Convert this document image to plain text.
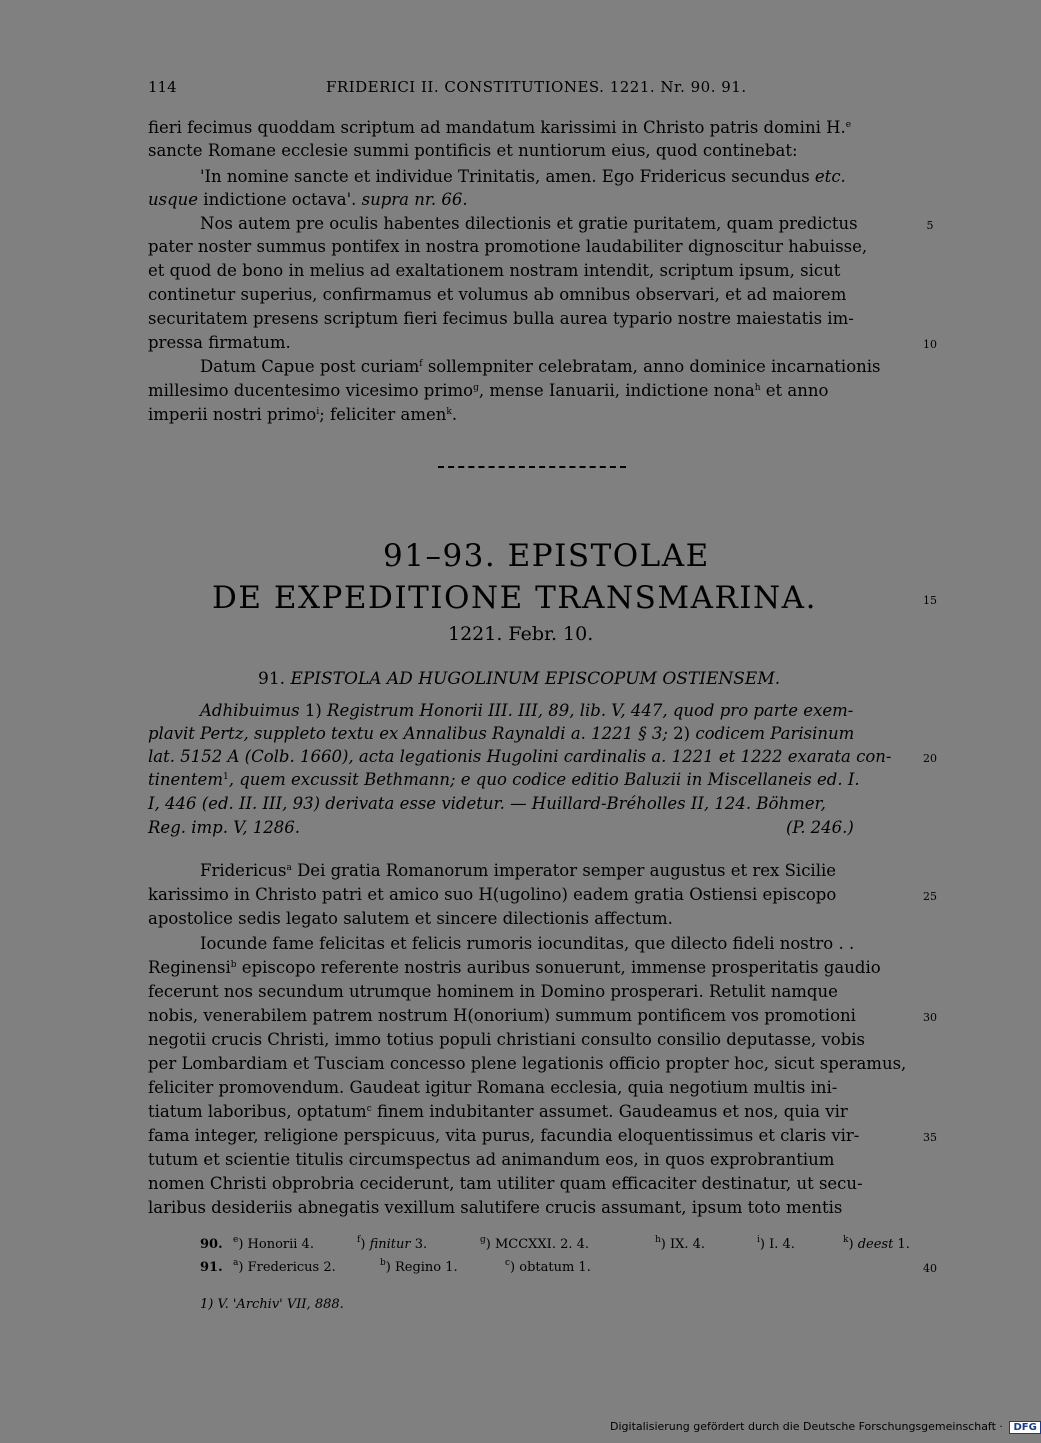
114	FRIDERICI II. CONSTITUTIONES. 1221. Nr. 90. 91.
fieri fecimus quoddam scriptum ad mandatum karissimi in Christo patris domini H.$^e$
sancte Romane ecclesie summi pontificis et nuntiorum eius, quod continebat:
'In nomine sancte et individue Trinitatis, amen. Ego Fridericus secundus etc.
usque indictione octava'. supra nr. 66.
Nos autem pre oculis habentes dilectionis et gratie puritatem, quam predictus
pater noster summus pontifex in nostra promotione laudabiliter dignoscitur habuisse,
et quod de bono in melius ad exaltationem nostram intendit, scriptum ipsum, sicut
continetur superius, confirmamus et volumus ab omnibus observari, et ad maiorem
securitatem presens scriptum fieri fecimus bulla aurea typario nostre maiestatis im-
pressa firmatum.
Datum Capue post curiam$^f$ sollempniter celebratam, anno dominice incarnationis
millesimo ducentesimo vicesimo primo$^g$, mense Ianuarii, indictione nona$^h$ et anno
imperii nostri primo$^i$; feliciter amen$^k$.
91–93. EPISTOLAE
DE EXPEDITIONE TRANSMARINA.
1221. Febr. 10.
91. EPISTOLA AD HUGOLINUM EPISCOPUM OSTIENSEM.
Adhibuimus 1) Registrum Honorii III. III, 89, lib. V, 447, quod pro parte exem-
plavit Pertz, suppleto textu ex Annalibus Raynaldi a. 1221 § 3; 2) codicem Parisinum
lat. 5152 A (Colb. 1660), acta legationis Hugolini cardinalis a. 1221 et 1222 exarata con-
tinentem$^1$, quem excussit Bethmann; e quo codice editio Baluzii in Miscellaneis ed. I.
I, 446 (ed. II. III, 93) derivata esse videtur. — Huillard-Bréholles II, 124. Böhmer,
Reg. imp. V, 1286.	(P. 246.)
Fridericus$^a$ Dei gratia Romanorum imperator semper augustus et rex Sicilie
karissimo in Christo patri et amico suo H(ugolino) eadem gratia Ostiensi episcopo
apostolice sedis legato salutem et sincere dilectionis affectum.
Iocunde fame felicitas et felicis rumoris iocunditas, que dilecto fideli nostro . .
Reginensi$^b$ episcopo referente nostris auribus sonuerunt, immense prosperitatis gaudio
fecerunt nos secundum utrumque hominem in Domino prosperari. Retulit namque
nobis, venerabilem patrem nostrum H(onorium) summum pontificem vos promotioni
negotii crucis Christi, immo totius populi christiani consulto consilio deputasse, vobis
per Lombardiam et Tusciam concesso plene legationis officio propter hoc, sicut speramus,
feliciter promovendum. Gaudeat igitur Romana ecclesia, quia negotium multis ini-
tiatum laboribus, optatum$^c$ finem indubitanter assumet. Gaudeamus et nos, quia vir
fama integer, religione perspicuus, vita purus, facundia eloquentissimus et claris vir-
tutum et scientie titulis circumspectus ad animandum eos, in quos exprobrantium
nomen Christi obprobria ceciderunt, tam utiliter quam efficaciter destinatur, ut secu-
laribus desideriis abnegatis vexillum salutifere crucis assumant, ipsum toto mentis
90. $^e$) Honorii 4.	$^f$) finitur 3.	$^g$) MCCXXI. 2. 4.	$^h$) IX. 4.	$^i$) I. 4.	$^k$) deest 1.
91. $^a$) Fredericus 2.	$^b$) Regino 1.	$^c$) obtatum 1.
1) V. 'Archiv' VII, 888.
5
10
15
20
25
30
35
40
Digitalisierung gefördert durch die Deutsche Forschungsgemeinschaft · DFG
